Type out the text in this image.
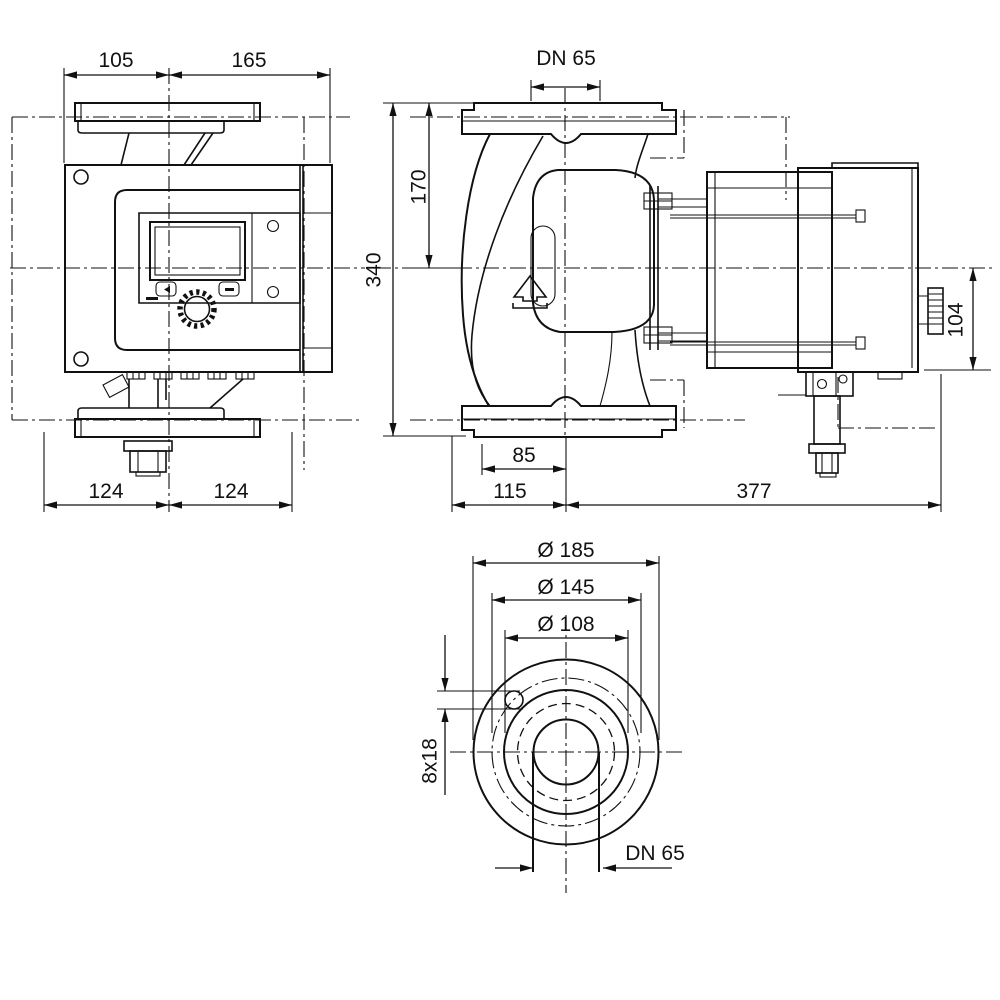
105	165
124	124
340
170
DN 65
104
85
115	377
Ø 185
Ø 145
Ø 108
8x18
DN 65
